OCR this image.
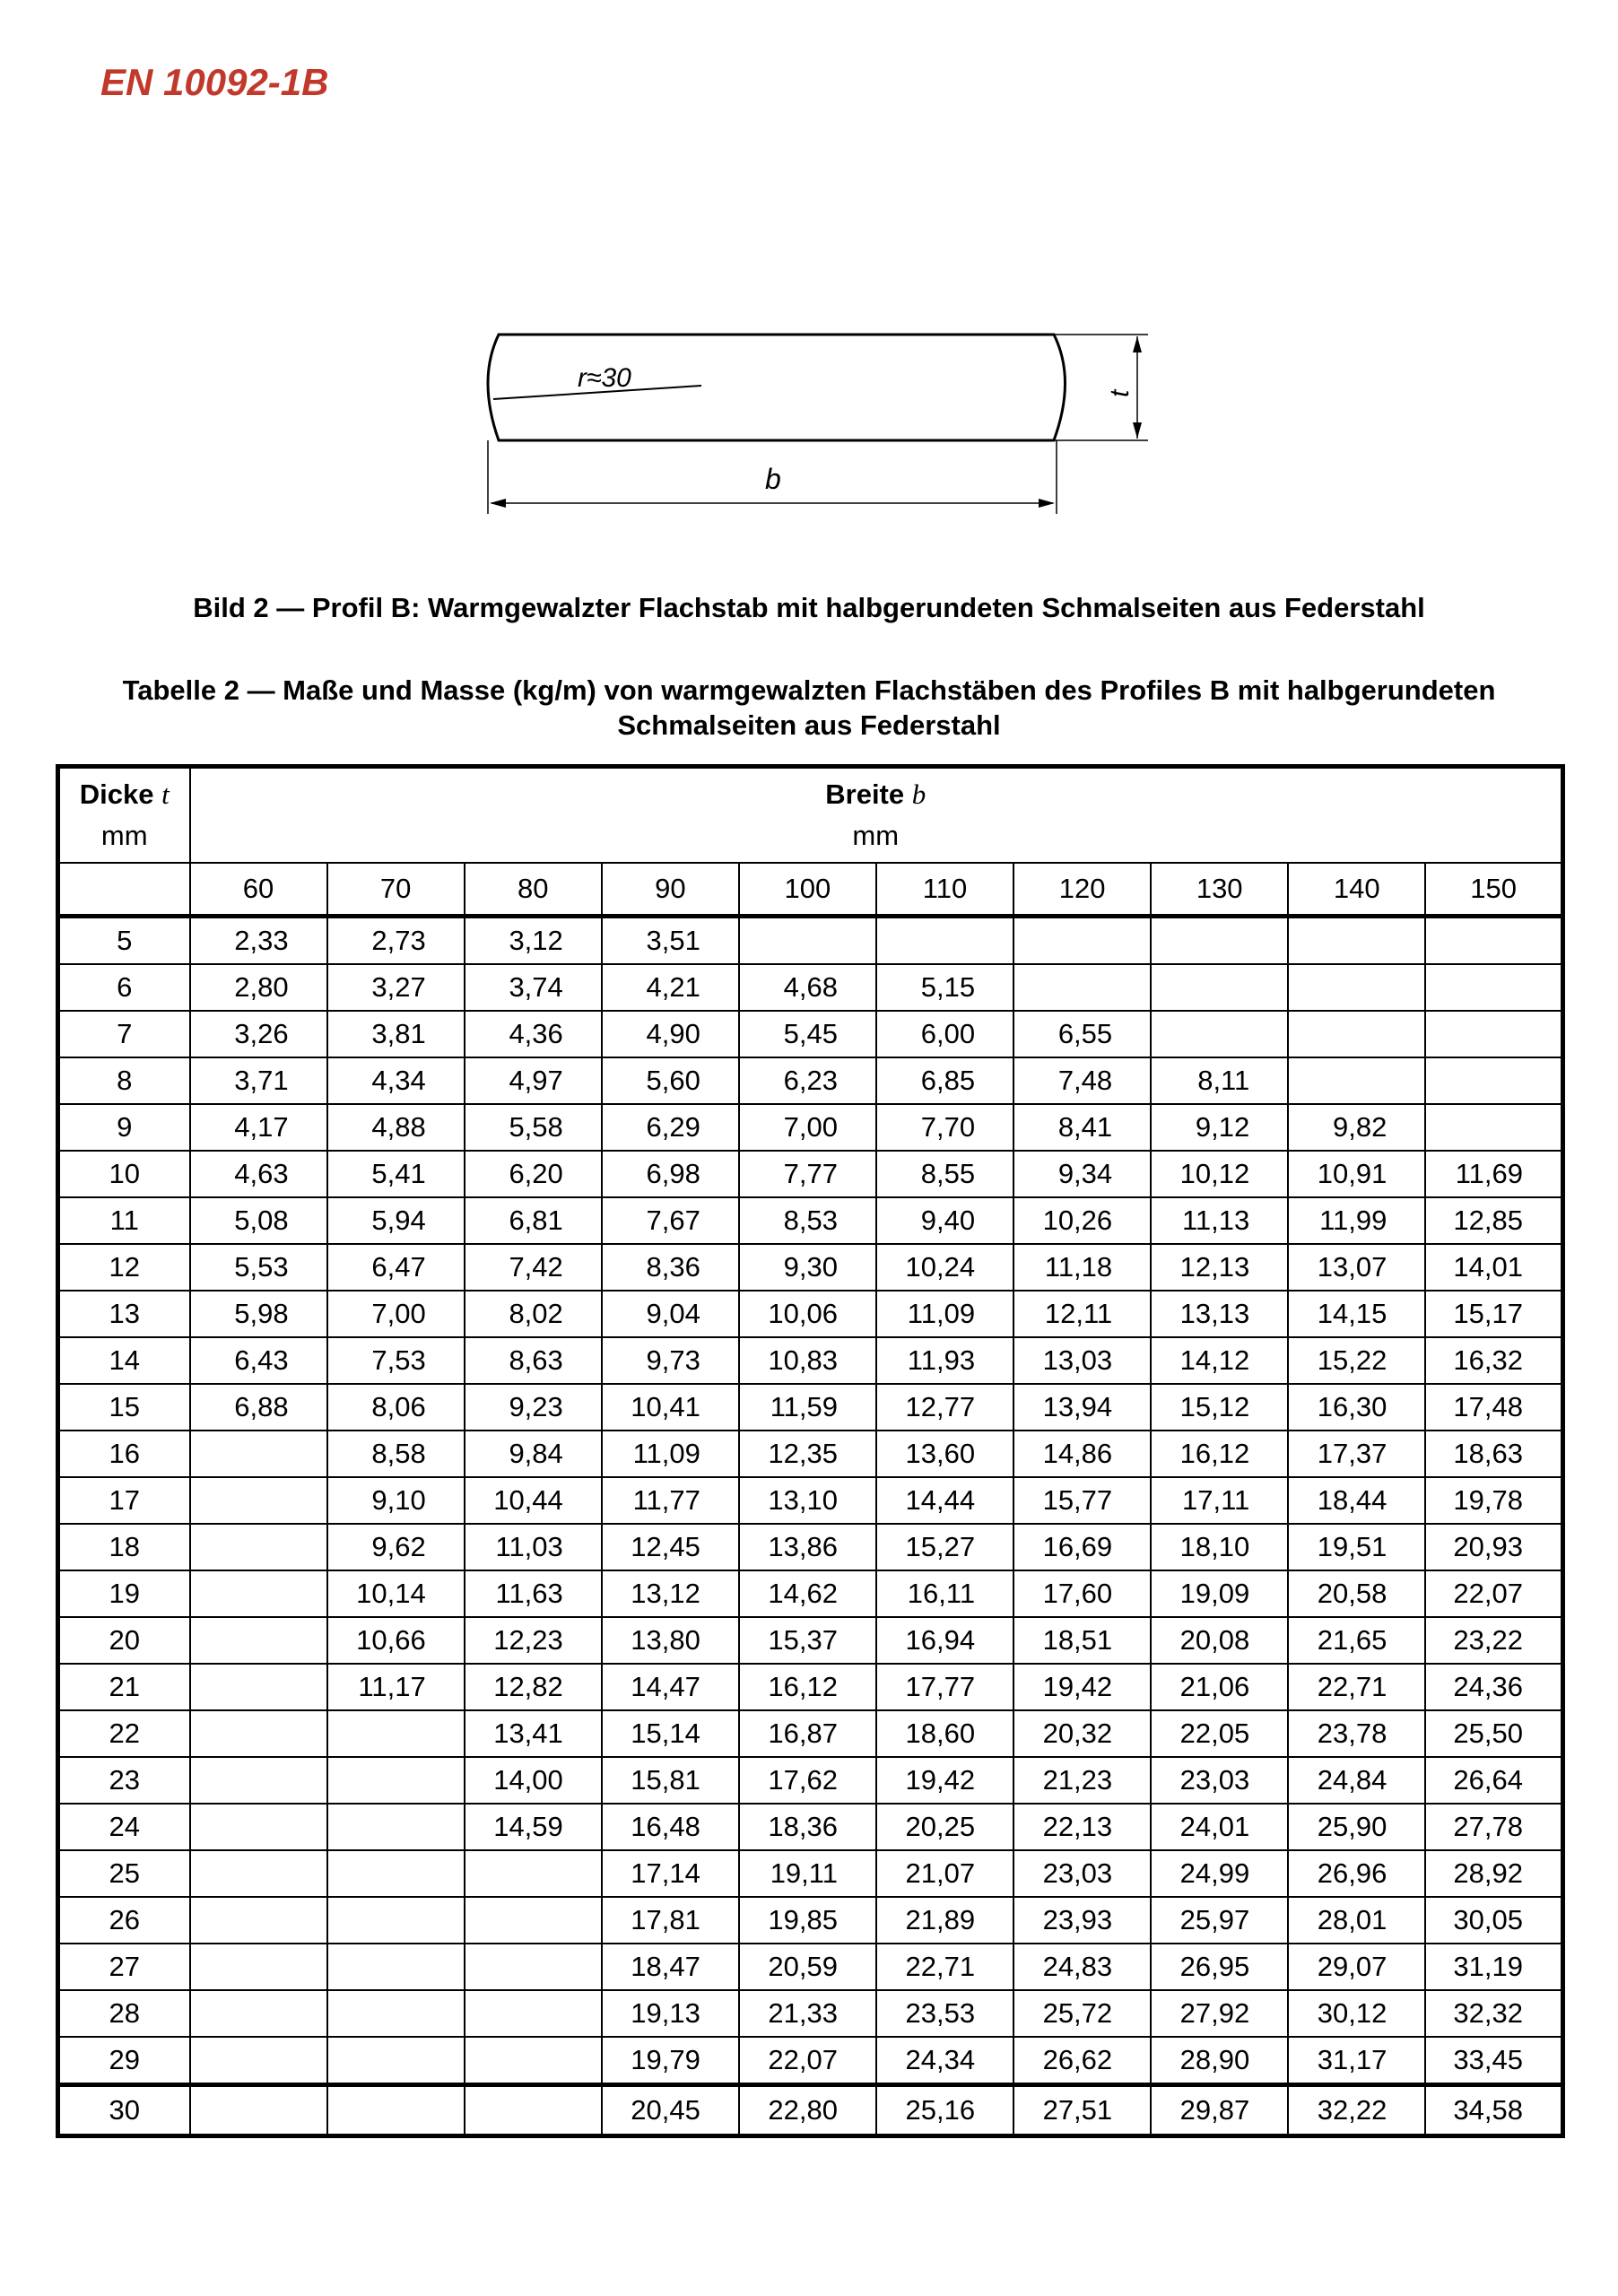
EN 10092-1B
r≈30
b
t
Bild 2 — Profil B: Warmgewalzter Flachstab mit halbgerundeten Schmalseiten aus Federstahl
Tabelle 2 — Maße und Masse (kg/m) von warmgewalzten Flachstäben des Profiles B mit halbgerundeten
Schmalseiten aus Federstahl
Dicke t
mm	Breite b
mm									

	60	70	80	90	100	110	120	130	140	150
5	2,33	2,73	3,12	3,51						
6	2,80	3,27	3,74	4,21	4,68	5,15				
7	3,26	3,81	4,36	4,90	5,45	6,00	6,55			
8	3,71	4,34	4,97	5,60	6,23	6,85	7,48	8,11		
9	4,17	4,88	5,58	6,29	7,00	7,70	8,41	9,12	9,82	
10	4,63	5,41	6,20	6,98	7,77	8,55	9,34	10,12	10,91	11,69
11	5,08	5,94	6,81	7,67	8,53	9,40	10,26	11,13	11,99	12,85
12	5,53	6,47	7,42	8,36	9,30	10,24	11,18	12,13	13,07	14,01
13	5,98	7,00	8,02	9,04	10,06	11,09	12,11	13,13	14,15	15,17
14	6,43	7,53	8,63	9,73	10,83	11,93	13,03	14,12	15,22	16,32
15	6,88	8,06	9,23	10,41	11,59	12,77	13,94	15,12	16,30	17,48
16		8,58	9,84	11,09	12,35	13,60	14,86	16,12	17,37	18,63
17		9,10	10,44	11,77	13,10	14,44	15,77	17,11	18,44	19,78
18		9,62	11,03	12,45	13,86	15,27	16,69	18,10	19,51	20,93
19		10,14	11,63	13,12	14,62	16,11	17,60	19,09	20,58	22,07
20		10,66	12,23	13,80	15,37	16,94	18,51	20,08	21,65	23,22
21		11,17	12,82	14,47	16,12	17,77	19,42	21,06	22,71	24,36
22			13,41	15,14	16,87	18,60	20,32	22,05	23,78	25,50
23			14,00	15,81	17,62	19,42	21,23	23,03	24,84	26,64
24			14,59	16,48	18,36	20,25	22,13	24,01	25,90	27,78
25				17,14	19,11	21,07	23,03	24,99	26,96	28,92
26				17,81	19,85	21,89	23,93	25,97	28,01	30,05
27				18,47	20,59	22,71	24,83	26,95	29,07	31,19
28				19,13	21,33	23,53	25,72	27,92	30,12	32,32
29				19,79	22,07	24,34	26,62	28,90	31,17	33,45
30				20,45	22,80	25,16	27,51	29,87	32,22	34,58
